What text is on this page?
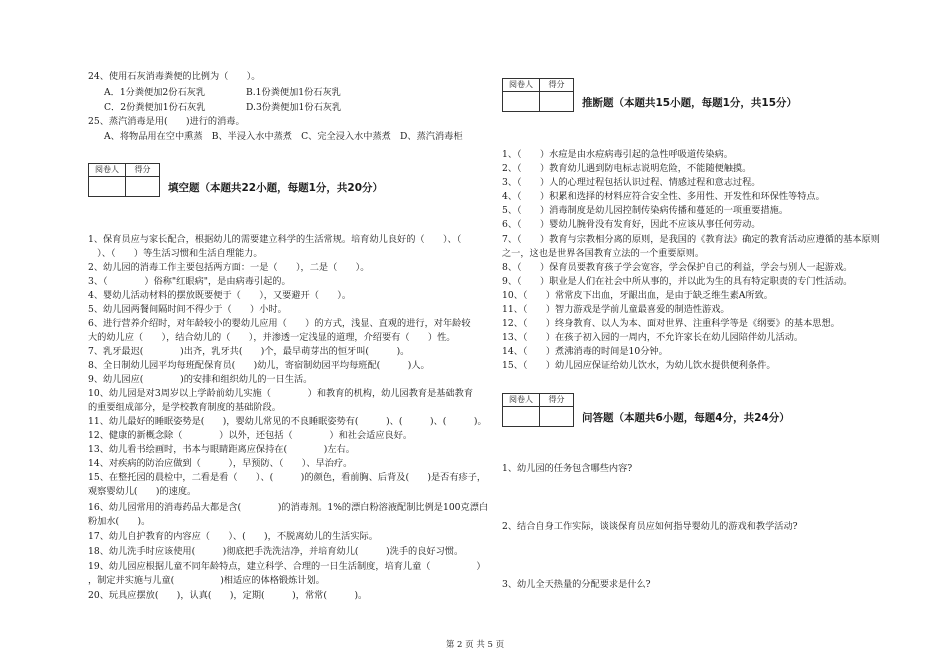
24、使用石灰消毒粪便的比例为（　　）。
A．1分粪便加2份石灰乳	B.1份粪便加1份石灰乳
C．2份粪便加1份石灰乳	D.3份粪便加1份石灰乳
25、蒸汽消毒是用(　　)进行的消毒。
A、将物品用在空中熏蒸　B、半浸入水中蒸煮　C、完全浸入水中蒸煮　D、蒸汽消毒柜
阅卷人	得分
填空题（本题共22小题，每题1分，共20分）
1、保育员应与家长配合，根据幼儿的需要建立科学的生活常规。培育幼儿良好的（　　）、（
　）、（　　）等生活习惯和生活自理能力。
2、幼儿园的消毒工作主要包括两方面：一是（　　），二是（　　）。
3、（　　　　）俗称"红眼病"，是由病毒引起的。
4、婴幼儿活动材料的摆放既要便于（　　），又要避开（　　）。
5、幼儿园两餐间隔时间不得少于（　　）小时。
6、进行营养介绍时，对年龄较小的婴幼儿应用（　　）的方式，浅显、直观的进行，对年龄较
大的幼儿应（　　），结合幼儿的（　　），并渗透一定浅显的道理，介绍要有（　　）性。
7、乳牙最迟(　　　　)出齐，乳牙共(　　)个，最早萌芽出的恒牙叫(　　　)。
8、全日制幼儿园平均每班配保育员(　　)幼儿，寄宿制幼园平均每班配(　　　)人。
9、幼儿园应(　　　　)的安排和组织幼儿的一日生活。
10、幼儿园是对3周岁以上学龄前幼儿实施（　　　　）和教育的机构，幼儿园教育是基础教育
的重要组成部分，是学校教育制度的基础阶段。
11、幼儿最好的睡眠姿势是(　　)，婴幼儿常见的不良睡眠姿势有(　　　)、(　　　)、(　　　)。
12、健康的新概念除（　　　　）以外，还包括（　　　　）和社会适应良好。
13、幼儿看书绘画时，书本与眼睛距离应保持在(　　　　)左右。
14、对疾病的防治应做到（　　　），早预防、（　　）、早治疗。
15、在整托园的晨检中，二看是看（　　）、(　　　)的颜色，看前胸、后背及(　　)是否有疹子，
观察婴幼儿(　　)的速度。
16、幼儿园常用的消毒药品大都是含(　　　　)的消毒剂。1%的漂白粉溶液配制比例是100克漂白
粉加水(　　)。
17、幼儿自护教育的内容应（　　）、(　　)，不脱离幼儿的生活实际。
18、幼儿洗手时应该使用(　　　)彻底把手洗洗洁净，并培育幼儿(　　　)洗手的良好习惯。
19、幼儿园应根据儿童不同年龄特点，建立科学、合理的一日生活制度，培育儿童（　　　　　）
，制定并实施与儿童(　　　　　)相适应的体格锻炼计划。
20、玩具应摆放(　　)，认真(　　)，定期(　　　)，常常(　　　)。
阅卷人	得分
推断题（本题共15小题，每题1分，共15分）
1、（　　）水痘是由水痘病毒引起的急性呼吸道传染病。
2、（　　）教育幼儿遇到防电标志说明危险，不能随便触摸。
3、（　　）人的心理过程包括认识过程、情感过程和意志过程。
4、（　　）积累和选择的材料应符合安全性、多用性、开发性和环保性等特点。
5、（　　）消毒制度是幼儿园控制传染病传播和蔓延的一项重要措施。
6、（　　）婴幼儿腕骨没有发育好，因此不应该从事任何劳动。
7、（　　）教育与宗教相分离的原则，是我国的《教育法》确定的教育活动应遵循的基本原则
之一，这也是世界各国教育立法的一个重要原则。
8、（　　）保育员要教育孩子学会宽容，学会保护自己的利益，学会与别人一起游戏。
9、（　　）职业是人们在社会中所从事的，并以此为生的具有特定职责的专门性活动。
10、（　　）常常皮下出血，牙龈出血，是由于缺乏维生素A所致。
11、（　　）智力游戏是学前儿童最喜爱的制造性游戏。
12、（　　）终身教育、以人为本、面对世界、注重科学等是《纲要》的基本思想。
13、（　　）在孩子初入园的一周内，不允许家长在幼儿园陪伴幼儿活动。
14、（　　）煮沸消毒的时间是10分钟。
15、（　　）幼儿园应保证给幼儿饮水，为幼儿饮水提供便利条件。
阅卷人	得分
问答题（本题共6小题，每题4分，共24分）
1、幼儿园的任务包含哪些内容?
2、结合自身工作实际，谈谈保育员应如何指导婴幼儿的游戏和教学活动?
3、幼儿全天热量的分配要求是什么?
第 2 页 共 5 页
